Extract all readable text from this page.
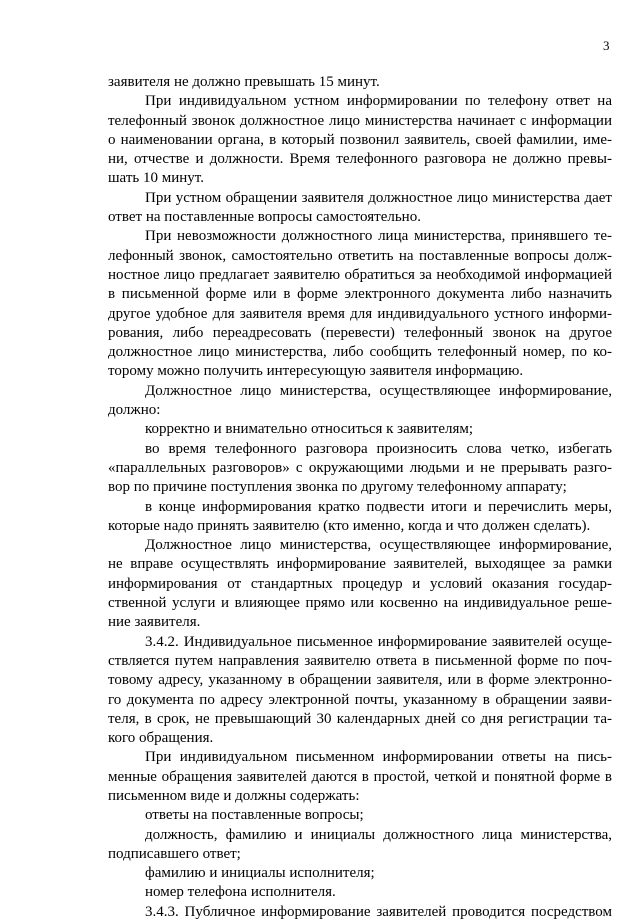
3
заявителя не должно превышать 15 минут.
При индивидуальном устном информировании по телефону ответ на
телефонный звонок должностное лицо министерства начинает с информации
о наименовании органа, в который позвонил заявитель, своей фамилии, име-
ни, отчестве и должности. Время телефонного разговора не должно превы-
шать 10 минут.
При устном обращении заявителя должностное лицо министерства дает
ответ на поставленные вопросы самостоятельно.
При невозможности должностного лица министерства, принявшего те-
лефонный звонок, самостоятельно ответить на поставленные вопросы долж-
ностное лицо предлагает заявителю обратиться за необходимой информацией
в письменной форме или в форме электронного документа либо назначить
другое удобное для заявителя время для индивидуального устного информи-
рования, либо переадресовать (перевести) телефонный звонок на другое
должностное лицо министерства, либо сообщить телефонный номер, по ко-
торому можно получить интересующую заявителя информацию.
Должностное лицо министерства, осуществляющее информирование,
должно:
корректно и внимательно относиться к заявителям;
во время телефонного разговора произносить слова четко, избегать
«параллельных разговоров» с окружающими людьми и не прерывать разго-
вор по причине поступления звонка по другому телефонному аппарату;
в конце информирования кратко подвести итоги и перечислить меры,
которые надо принять заявителю (кто именно, когда и что должен сделать).
Должностное лицо министерства, осуществляющее информирование,
не вправе осуществлять информирование заявителей, выходящее за рамки
информирования от стандартных процедур и условий оказания государ-
ственной услуги и влияющее прямо или косвенно на индивидуальное реше-
ние заявителя.
3.4.2. Индивидуальное письменное информирование заявителей осуще-
ствляется путем направления заявителю ответа в письменной форме по поч-
товому адресу, указанному в обращении заявителя, или в форме электронно-
го документа по адресу электронной почты, указанному в обращении заяви-
теля, в срок, не превышающий 30 календарных дней со дня регистрации та-
кого обращения.
При индивидуальном письменном информировании ответы на пись-
менные обращения заявителей даются в простой, четкой и понятной форме в
письменном виде и должны содержать:
ответы на поставленные вопросы;
должность, фамилию и инициалы должностного лица министерства,
подписавшего ответ;
фамилию и инициалы исполнителя;
номер телефона исполнителя.
3.4.3. Публичное информирование заявителей проводится посредством
